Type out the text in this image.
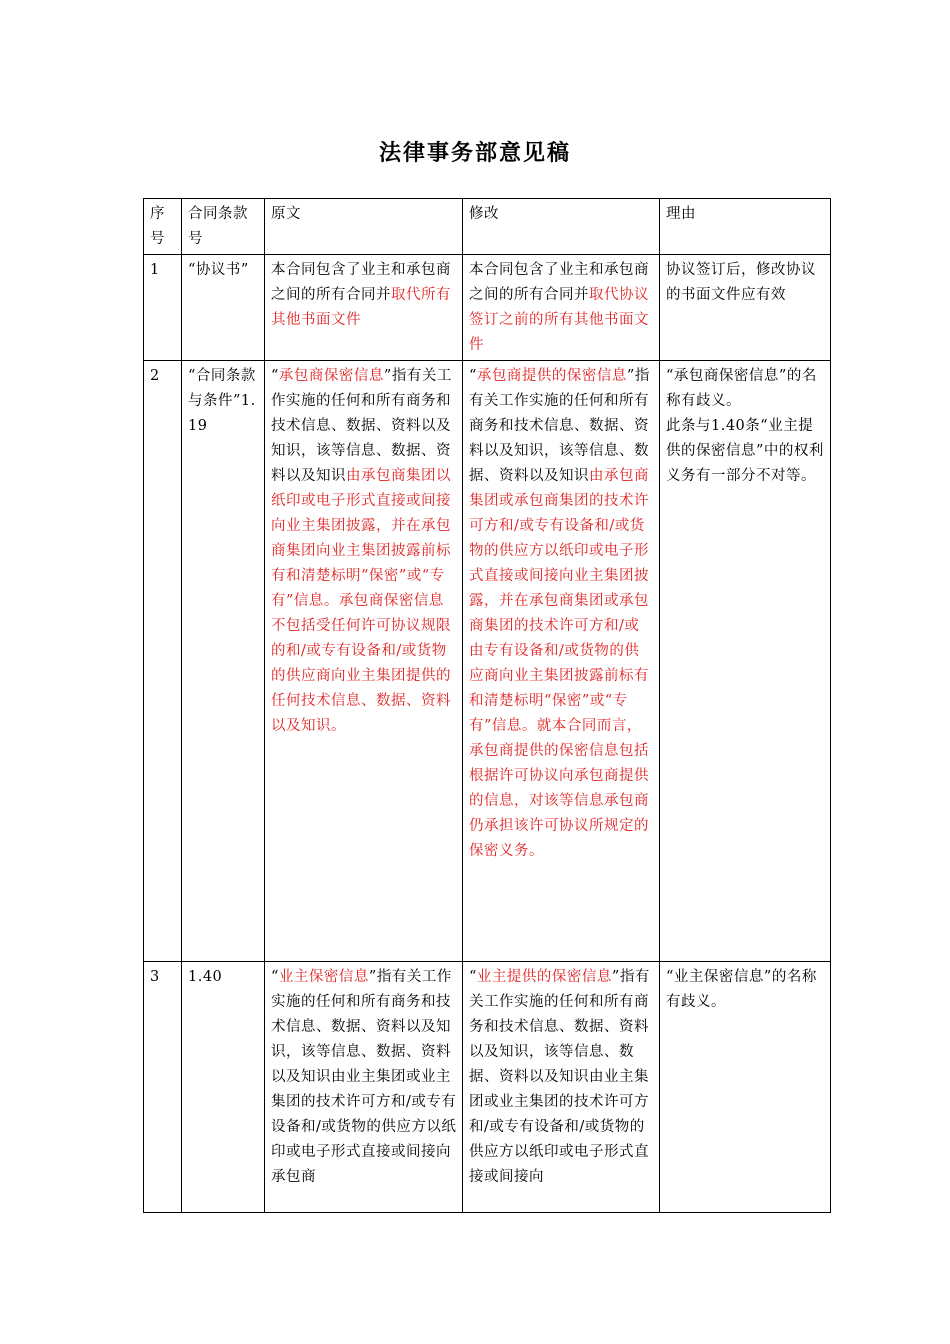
法律事务部意见稿
序号	合同条款号	原文	修改	理由
1	“协议书”	本合同包含了业主和承包商之间的所有合同并取代所有其他书面文件	本合同包含了业主和承包商之间的所有合同并取代协议签订之前的所有其他书面文件	协议签订后，修改协议的书面文件应有效

2	“合同条款与条件”1.19	“承包商保密信息”指有关工作实施的任何和所有商务和技术信息、数据、资料以及知识，该等信息、数据、资料以及知识由承包商集团以纸印或电子形式直接或间接向业主集团披露，并在承包商集团向业主集团披露前标有和清楚标明“保密”或“专有”信息。承包商保密信息不包括受任何许可协议规限的和/或专有设备和/或货物的供应商向业主集团提供的任何技术信息、数据、资料以及知识。	“承包商提供的保密信息”指有关工作实施的任何和所有商务和技术信息、数据、资料以及知识，该等信息、数据、资料以及知识由承包商集团或承包商集团的技术许可方和/或专有设备和/或货物的供应方以纸印或电子形式直接或间接向业主集团披露，并在承包商集团或承包商集团的技术许可方和/或由专有设备和/或货物的供应商向业主集团披露前标有和清楚标明“保密”或“专有”信息。就本合同而言，承包商提供的保密信息包括根据许可协议向承包商提供的信息，对该等信息承包商仍承担该许可协议所规定的保密义务。	“承包商保密信息”的名称有歧义。
此条与1.40条“业主提供的保密信息”中的权利义务有一部分不对等。

3	1.40	“业主保密信息”指有关工作实施的任何和所有商务和技术信息、数据、资料以及知识，该等信息、数据、资料以及知识由业主集团或业主集团的技术许可方和/或专有设备和/或货物的供应方以纸印或电子形式直接或间接向承包商	“业主提供的保密信息”指有关工作实施的任何和所有商务和技术信息、数据、资料以及知识，该等信息、数据、资料以及知识由业主集团或业主集团的技术许可方和/或专有设备和/或货物的供应方以纸印或电子形式直接或间接向	“业主保密信息”的名称有歧义。
